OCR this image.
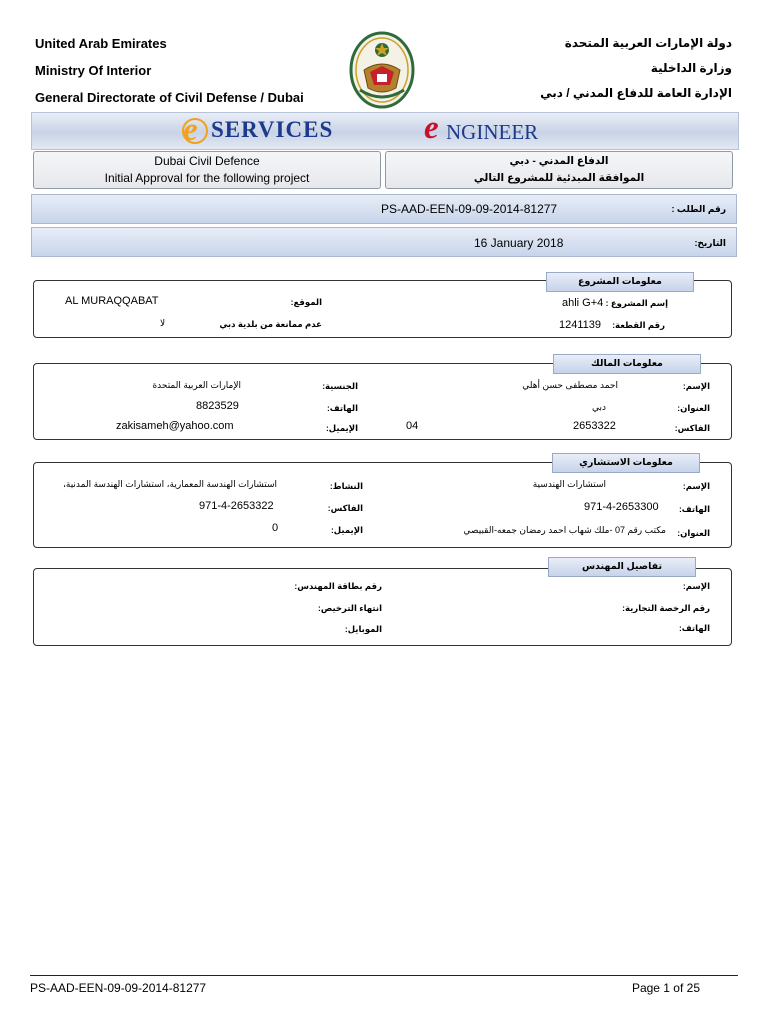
United Arab Emirates
Ministry Of Interior
General Directorate of Civil Defense / Dubai
دولة الإمارات العربية المتحدة
وزارة الداخلية
الإدارة العامة للدفاع المدني / دبي
e SERVICES	e NGINEER
Dubai Civil Defence
Initial Approval for the following project
الدفاع المدني - دبي
الموافقة المبدئية للمشروع التالي
PS-AAD-EEN-09-09-2014-81277	رقم الطلب :
16 January 2018	التاريخ:
معلومات المشروع
إسم المشروع :
ahli G+4
رقم القطعة:
1241139
الموقع:
AL MURAQQABAT
عدم ممانعة من بلدية دبي
لا
معلومات المالك
الإسم:
احمد مصطفى حسن أهلي
العنوان:
دبي
الفاكس:
2653322
04
الجنسية:
الإمارات العربية المتحدة
الهاتف:
8823529
الإيميل:
zakisameh@yahoo.com
معلومات الاستشاري
الإسم:
استشارات الهندسية
الهاتف:
971-4-2653300
العنوان:
مكتب رقم 07 -ملك شهاب احمد رمضان جمعه-القبيصي
النشاط:
استشارات الهندسة المعمارية، استشارات الهندسة المدنية،
الفاكس:
971-4-2653322
الإيميل:
0
تفاصيل المهندس
الإسم:
رقم الرخصة التجارية:
الهاتف:
رقم بطاقة المهندس:
انتهاء الترخيص:
الموبايل:
PS-AAD-EEN-09-09-2014-81277	Page 1 of 25
